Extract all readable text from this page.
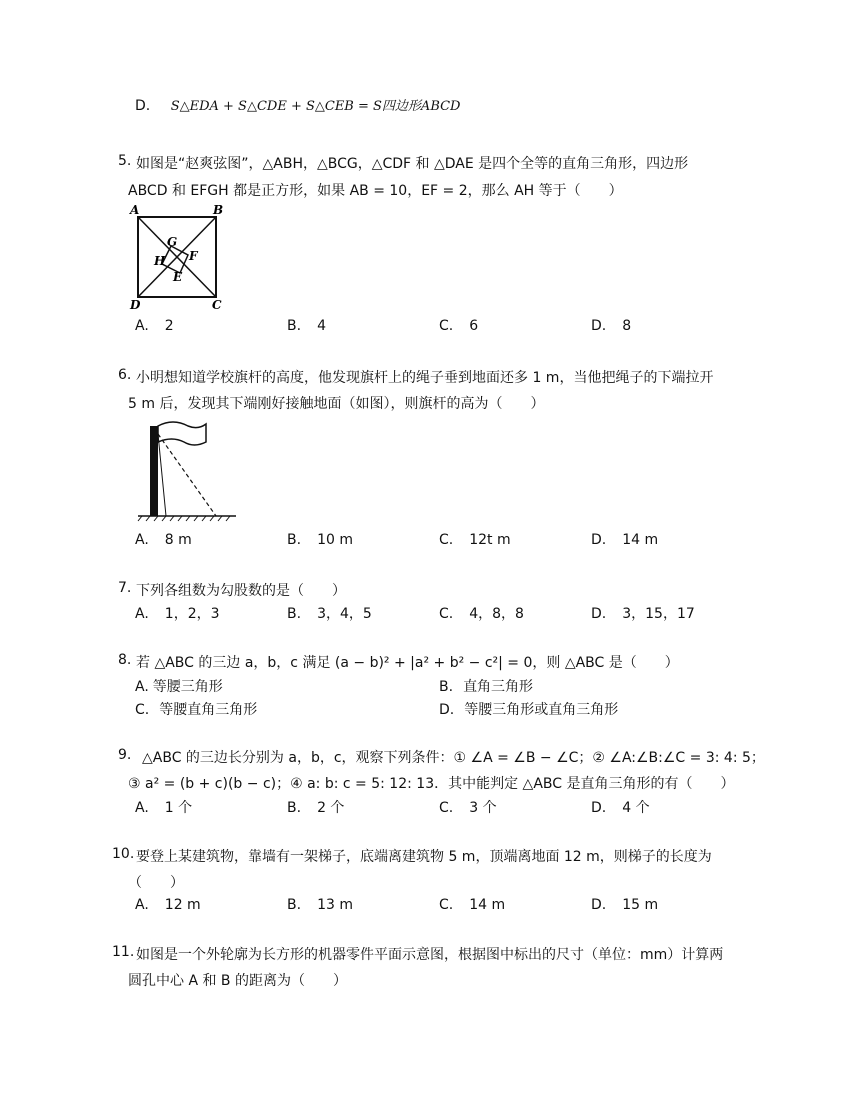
D. S△EDA + S△CDE + S△CEB = S四边形ABCD
5. 如图是“赵爽弦图”，△ABH，△BCG，△CDF 和 △DAE 是四个全等的直角三角形，四边形
ABCD 和 EFGH 都是正方形，如果 AB = 10，EF = 2，那么 AH 等于（　　）
A	B
G
H F
E
D	C
A. 2	B. 4	C. 6	D. 8
6. 小明想知道学校旗杆的高度，他发现旗杆上的绳子垂到地面还多 1 m，当他把绳子的下端拉开
5 m 后，发现其下端刚好接触地面（如图），则旗杆的高为（　　）
A. 8 m	B. 10 m	C. 12t m	D. 14 m
7. 下列各组数为勾股数的是（　　）
A. 1，2，3	B. 3，4，5	C. 4，8，8	D. 3，15，17
8. 若 △ABC 的三边 a，b，c 满足 (a − b)² + |a² + b² − c²| = 0，则 △ABC 是（　　）
A. 等腰三角形	B. 直角三角形
C. 等腰直角三角形	D. 等腰三角形或直角三角形
9. △ABC 的三边长分别为 a，b，c，观察下列条件：① ∠A = ∠B − ∠C；② ∠A:∠B:∠C = 3: 4: 5；
③ a² = (b + c)(b − c)；④ a: b: c = 5: 12: 13．其中能判定 △ABC 是直角三角形的有（　　）
A. 1 个	B. 2 个	C. 3 个	D. 4 个
10. 要登上某建筑物，靠墙有一架梯子，底端离建筑物 5 m，顶端离地面 12 m，则梯子的长度为
（　　）
A. 12 m	B. 13 m	C. 14 m	D. 15 m
11. 如图是一个外轮廓为长方形的机器零件平面示意图，根据图中标出的尺寸（单位：mm）计算两
圆孔中心 A 和 B 的距离为（　　）
